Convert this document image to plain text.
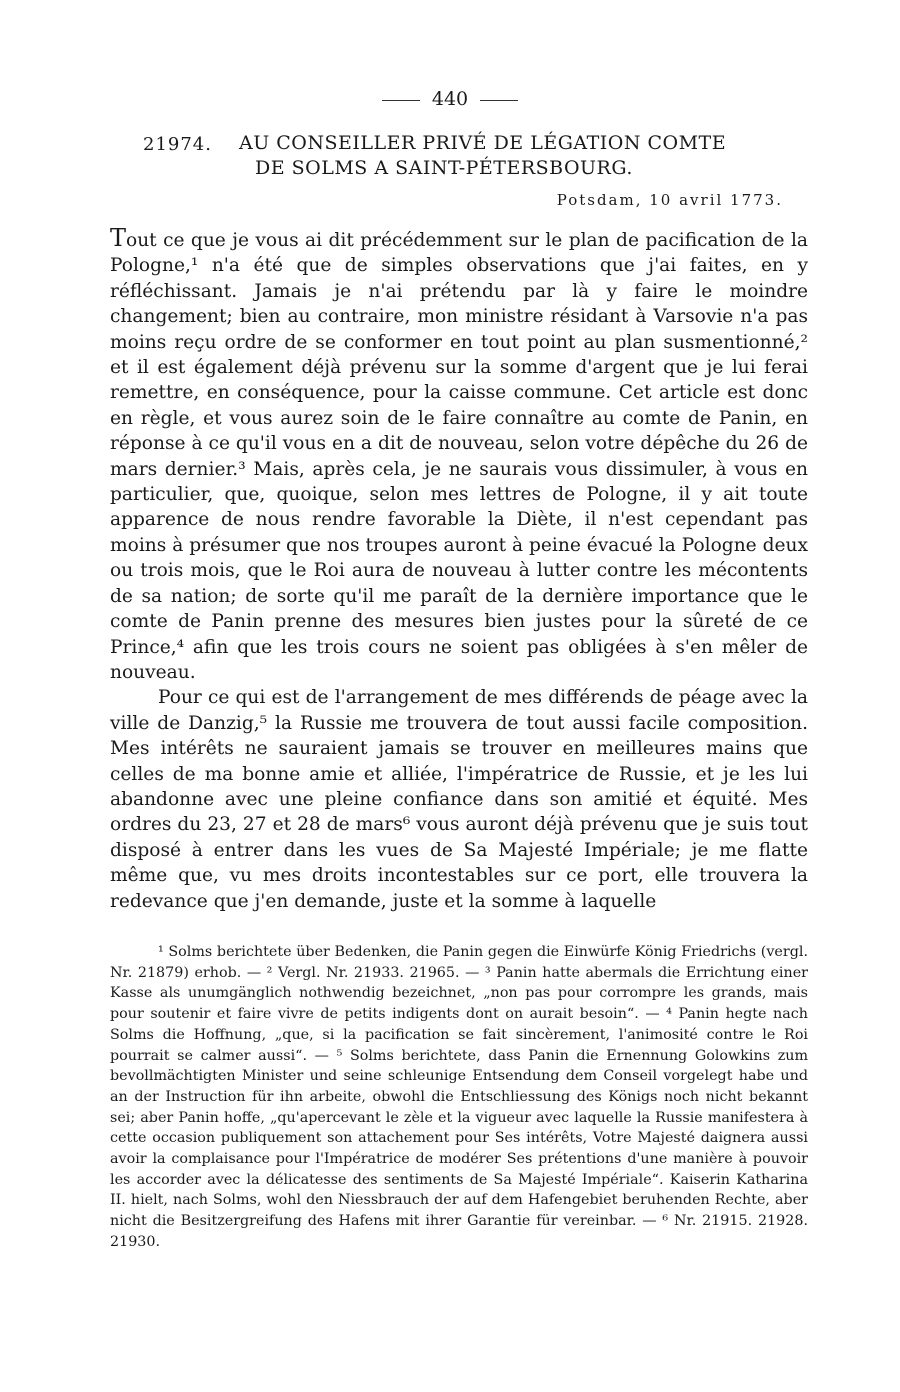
440
21974. AU CONSEILLER PRIVÉ DE LÉGATION COMTE
DE SOLMS A SAINT-PÉTERSBOURG.
Potsdam, 10 avril 1773.

Tout ce que je vous ai dit précédemment sur le plan de pacification de la Pologne,¹ n'a été que de simples observations que j'ai faites, en y réfléchissant. Jamais je n'ai prétendu par là y faire le moindre changement; bien au contraire, mon ministre résidant à Varsovie n'a pas moins reçu ordre de se conformer en tout point au plan susmentionné,² et il est également déjà prévenu sur la somme d'argent que je lui ferai remettre, en conséquence, pour la caisse commune. Cet article est donc en règle, et vous aurez soin de le faire connaître au comte de Panin, en réponse à ce qu'il vous en a dit de nouveau, selon votre dépêche du 26 de mars dernier.³ Mais, après cela, je ne saurais vous dissimuler, à vous en particulier, que, quoique, selon mes lettres de Pologne, il y ait toute apparence de nous rendre favorable la Diète, il n'est cependant pas moins à présumer que nos troupes auront à peine évacué la Pologne deux ou trois mois, que le Roi aura de nouveau à lutter contre les mécontents de sa nation; de sorte qu'il me paraît de la dernière importance que le comte de Panin prenne des mesures bien justes pour la sûreté de ce Prince,⁴ afin que les trois cours ne soient pas obligées à s'en mêler de nouveau.

Pour ce qui est de l'arrangement de mes différends de péage avec la ville de Danzig,⁵ la Russie me trouvera de tout aussi facile composition. Mes intérêts ne sauraient jamais se trouver en meilleures mains que celles de ma bonne amie et alliée, l'impératrice de Russie, et je les lui abandonne avec une pleine confiance dans son amitié et équité. Mes ordres du 23, 27 et 28 de mars⁶ vous auront déjà prévenu que je suis tout disposé à entrer dans les vues de Sa Majesté Impériale; je me flatte même que, vu mes droits incontestables sur ce port, elle trouvera la redevance que j'en demande, juste et la somme à laquelle

¹ Solms berichtete über Bedenken, die Panin gegen die Einwürfe König Friedrichs (vergl. Nr. 21879) erhob. — ² Vergl. Nr. 21933. 21965. — ³ Panin hatte abermals die Errichtung einer Kasse als unumgänglich nothwendig bezeichnet, „non pas pour corrompre les grands, mais pour soutenir et faire vivre de petits indigents dont on aurait besoin“. — ⁴ Panin hegte nach Solms die Hoffnung, „que, si la pacification se fait sincèrement, l'animosité contre le Roi pourrait se calmer aussi“. — ⁵ Solms berichtete, dass Panin die Ernennung Golowkins zum bevollmächtigten Minister und seine schleunige Entsendung dem Conseil vorgelegt habe und an der Instruction für ihn arbeite, obwohl die Entschliessung des Königs noch nicht bekannt sei; aber Panin hoffe, „qu'apercevant le zèle et la vigueur avec laquelle la Russie manifestera à cette occasion publiquement son attachement pour Ses intérêts, Votre Majesté daignera aussi avoir la complaisance pour l'Impératrice de modérer Ses prétentions d'une manière à pouvoir les accorder avec la délicatesse des sentiments de Sa Majesté Impériale“. Kaiserin Katharina II. hielt, nach Solms, wohl den Niessbrauch der auf dem Hafengebiet beruhenden Rechte, aber nicht die Besitzergreifung des Hafens mit ihrer Garantie für vereinbar. — ⁶ Nr. 21915. 21928. 21930.
